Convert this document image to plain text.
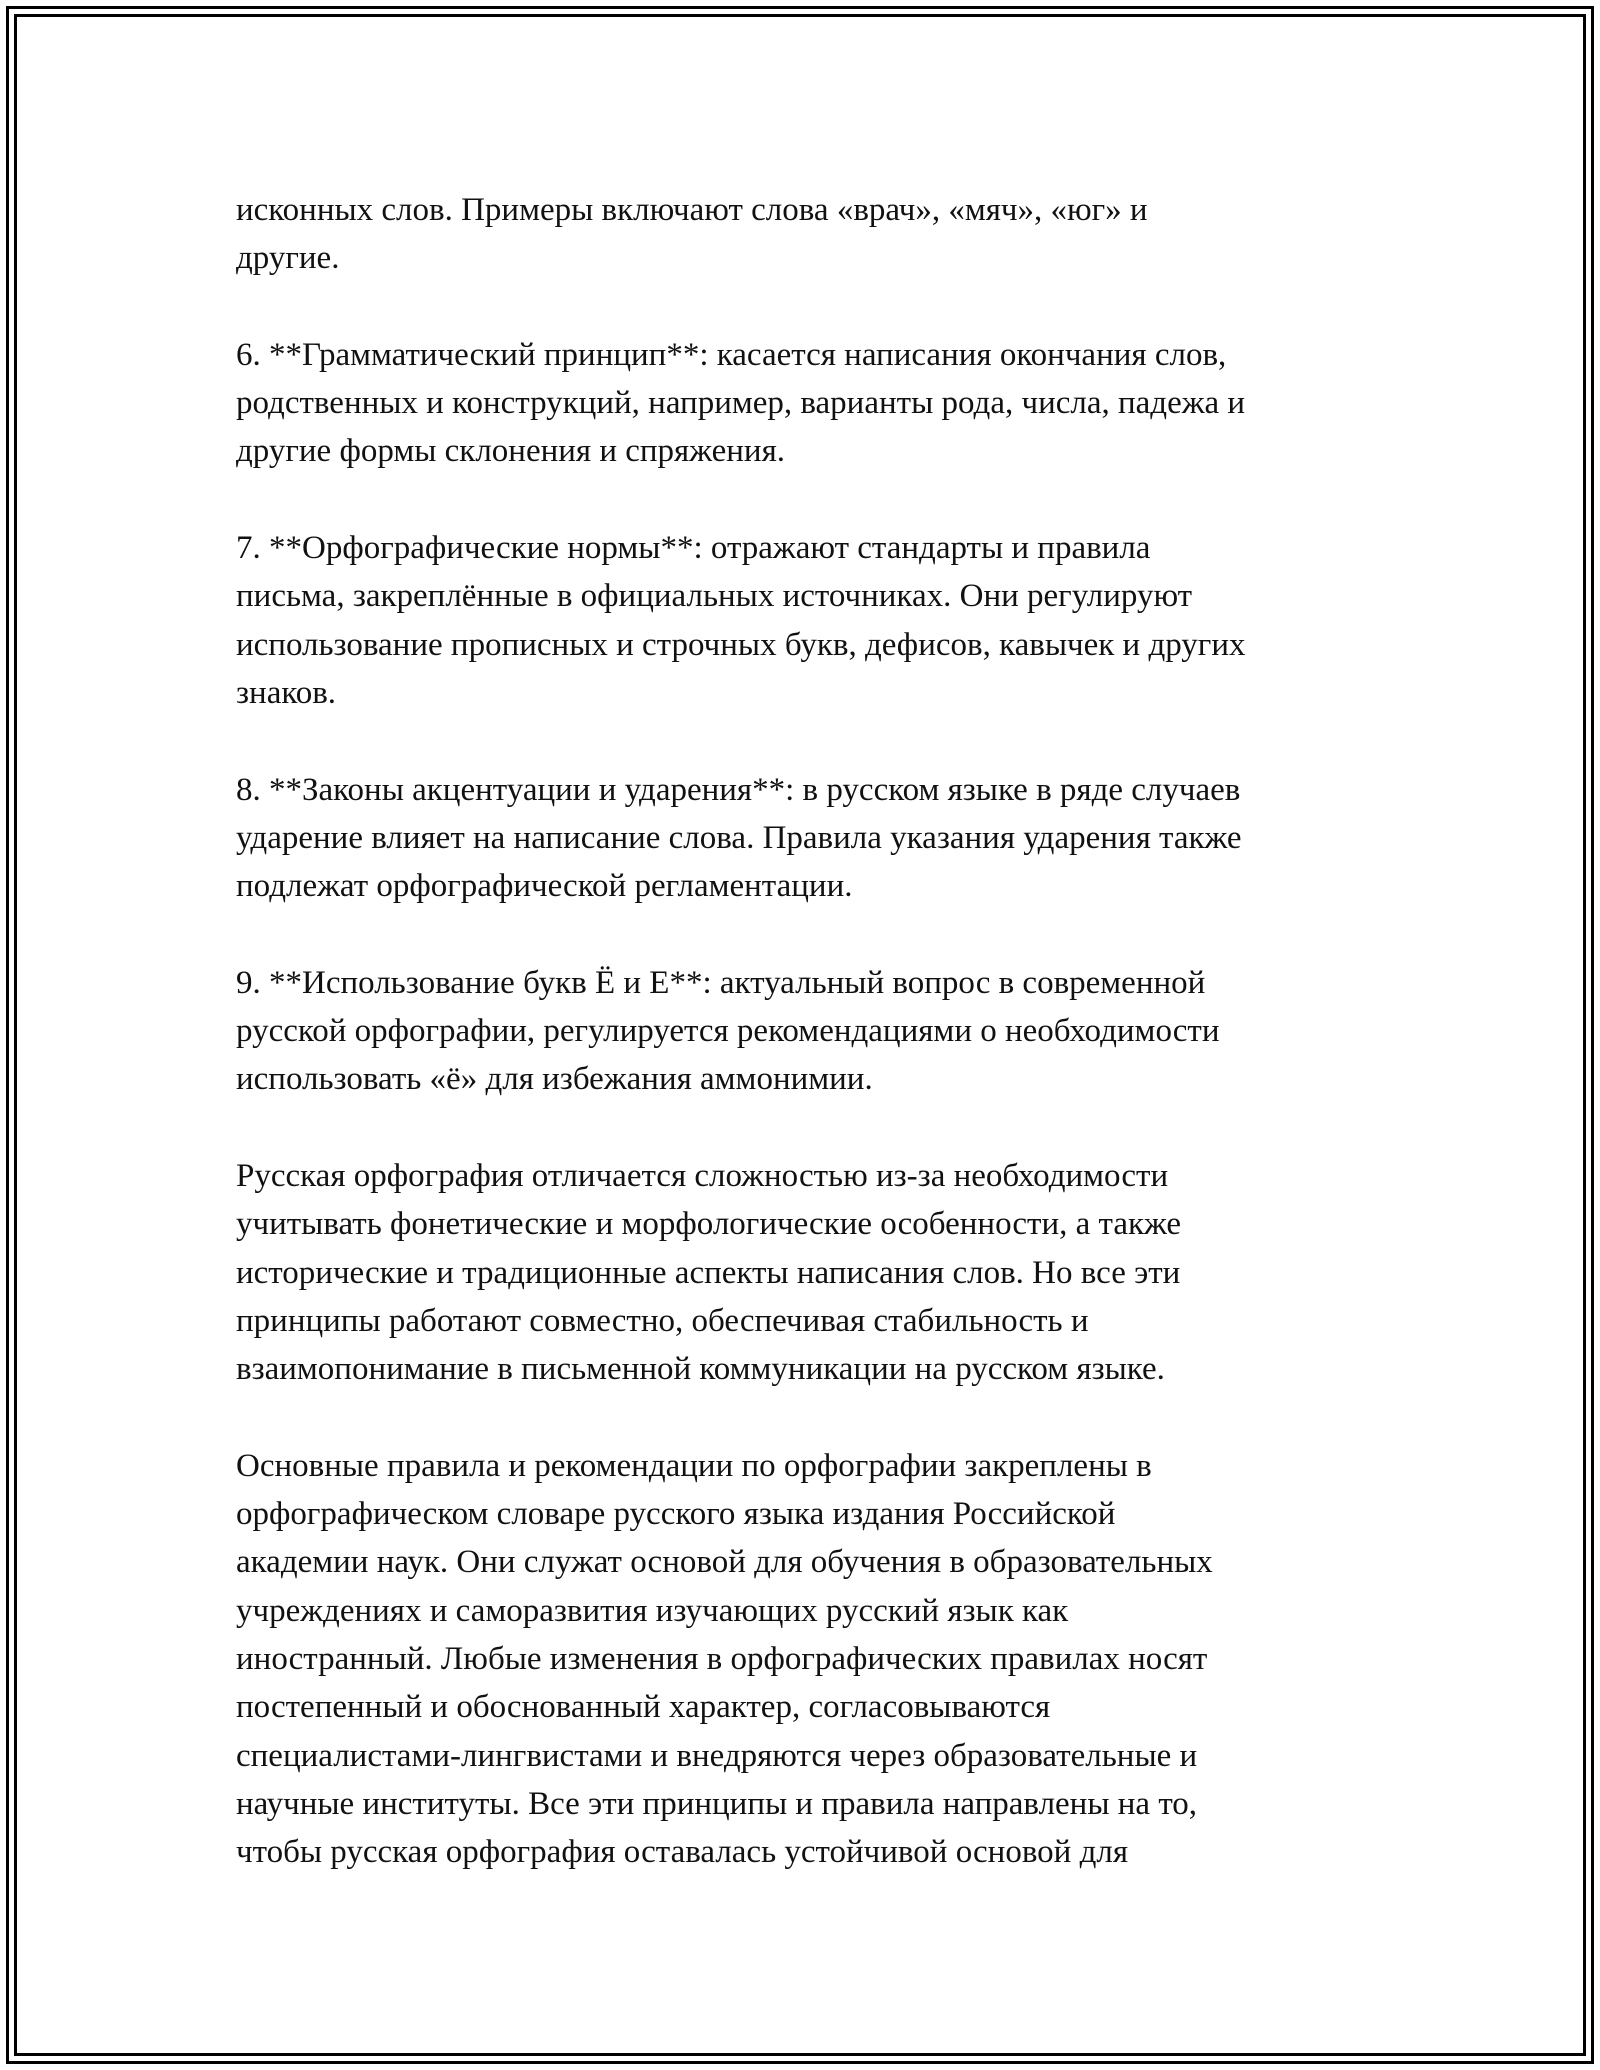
исконных слов. Примеры включают слова «врач», «мяч», «юг» и
другие.

6. **Грамматический принцип**: касается написания окончания слов,
родственных и конструкций, например, варианты рода, числа, падежа и
другие формы склонения и спряжения.

7. **Орфографические нормы**: отражают стандарты и правила
письма, закреплённые в официальных источниках. Они регулируют
использование прописных и строчных букв, дефисов, кавычек и других
знаков.

8. **Законы акцентуации и ударения**: в русском языке в ряде случаев
ударение влияет на написание слова. Правила указания ударения также
подлежат орфографической регламентации.

9. **Использование букв Ё и Е**: актуальный вопрос в современной
русской орфографии, регулируется рекомендациями о необходимости
использовать «ё» для избежания аммонимии.

Русская орфография отличается сложностью из-за необходимости
учитывать фонетические и морфологические особенности, а также
исторические и традиционные аспекты написания слов. Но все эти
принципы работают совместно, обеспечивая стабильность и
взаимопонимание в письменной коммуникации на русском языке.

Основные правила и рекомендации по орфографии закреплены в
орфографическом словаре русского языка издания Российской
академии наук. Они служат основой для обучения в образовательных
учреждениях и саморазвития изучающих русский язык как
иностранный. Любые изменения в орфографических правилах носят
постепенный и обоснованный характер, согласовываются
специалистами-лингвистами и внедряются через образовательные и
научные институты. Все эти принципы и правила направлены на то,
чтобы русская орфография оставалась устойчивой основой для
